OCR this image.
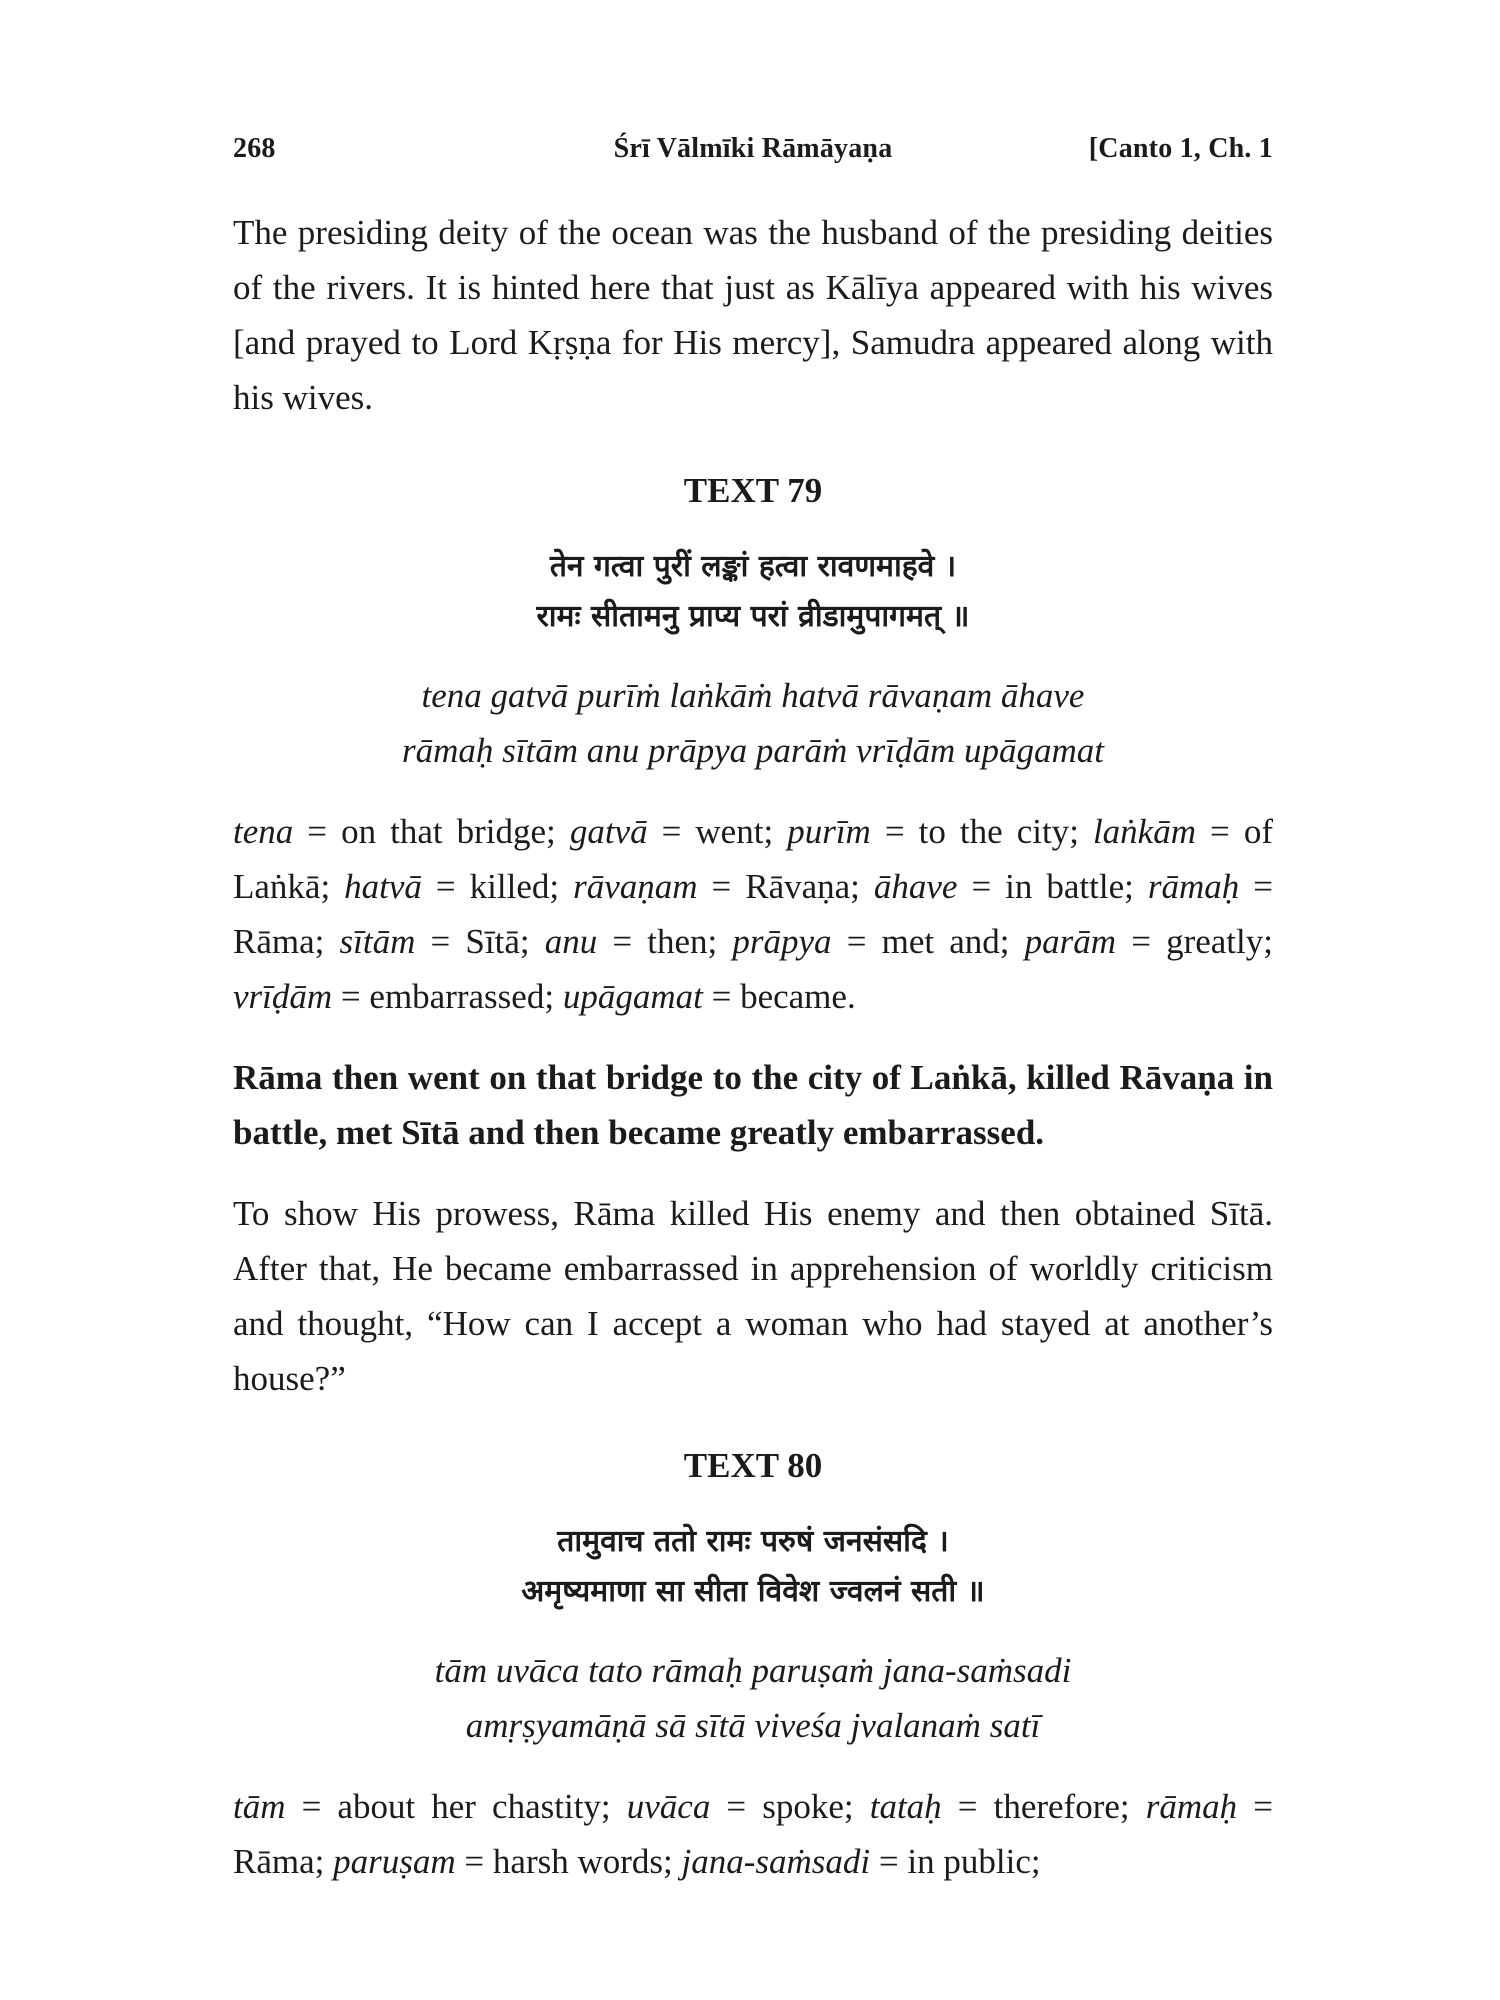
268	Śrī Vālmīki Rāmāyaṇa	[Canto 1, Ch. 1

The presiding deity of the ocean was the husband of the presiding deities of the rivers. It is hinted here that just as Kālīya appeared with his wives [and prayed to Lord Kṛṣṇa for His mercy], Samudra appeared along with his wives.

TEXT 79
तेन गत्वा पुरीं लङ्कां हत्वा रावणमाहवे ।
रामः सीतामनु प्राप्य परां व्रीडामुपागमत् ॥
tena gatvā purīṁ laṅkāṁ hatvā rāvaṇam āhave
rāmaḥ sītām anu prāpya parāṁ vrīḍām upāgamat

tena = on that bridge; gatvā = went; purīm = to the city; laṅkām = of Laṅkā; hatvā = killed; rāvaṇam = Rāvaṇa; āhave = in battle; rāmaḥ = Rāma; sītām = Sītā; anu = then; prāpya = met and; parām = greatly; vrīḍām = embarrassed; upāgamat = became.

Rāma then went on that bridge to the city of Laṅkā, killed Rāvaṇa in battle, met Sītā and then became greatly embarrassed.

To show His prowess, Rāma killed His enemy and then obtained Sītā. After that, He became embarrassed in apprehension of worldly criticism and thought, “How can I accept a woman who had stayed at another’s house?”

TEXT 80
तामुवाच ततो रामः परुषं जनसंसदि ।
अमृष्यमाणा सा सीता विवेश ज्वलनं सती ॥
tām uvāca tato rāmaḥ paruṣaṁ jana-saṁsadi
amṛṣyamāṇā sā sītā viveśa jvalanaṁ satī

tām = about her chastity; uvāca = spoke; tataḥ = therefore; rāmaḥ = Rāma; paruṣam = harsh words; jana-saṁsadi = in public;
